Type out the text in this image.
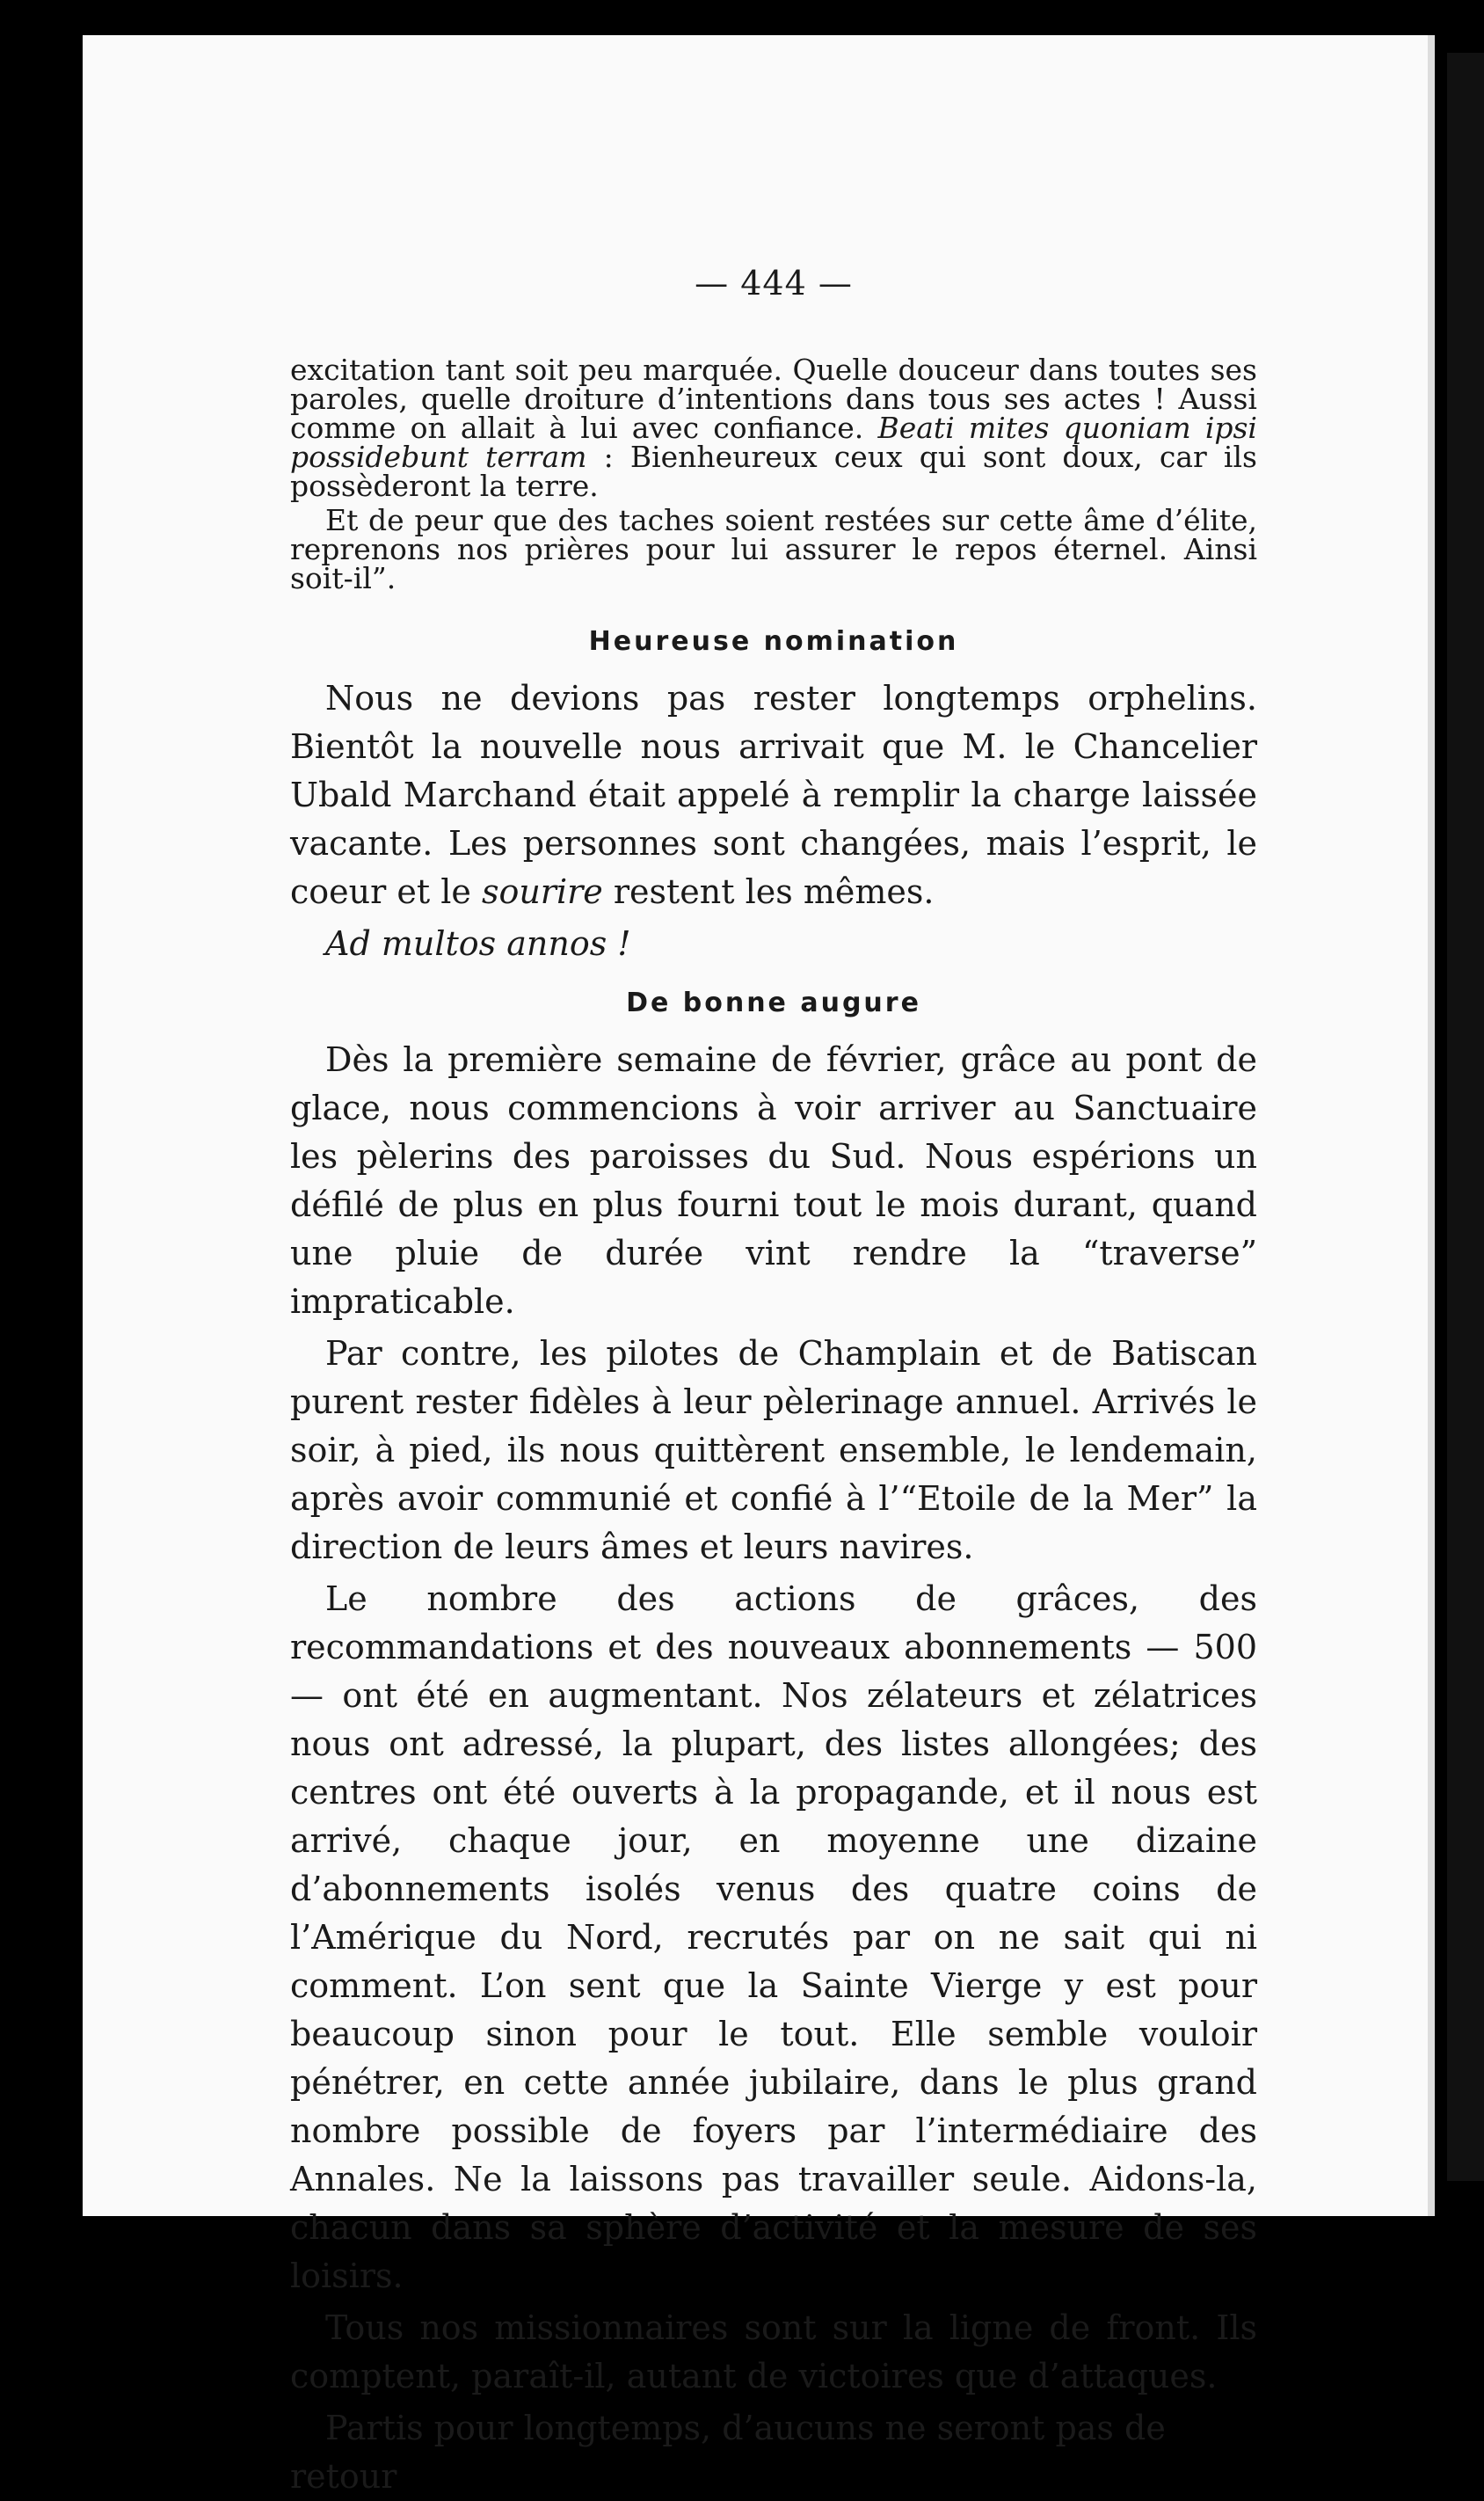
— 444 —

excitation tant soit peu marquée. Quelle douceur dans toutes ses paroles, quelle droiture d’intentions dans tous ses actes ! Aussi comme on allait à lui avec confiance. Beati mites quoniam ipsi possidebunt terram : Bienheureux ceux qui sont doux, car ils possèderont la terre.

Et de peur que des taches soient restées sur cette âme d’élite, reprenons nos prières pour lui assurer le repos éternel. Ainsi soit-il”.

Heureuse nomination

Nous ne devions pas rester longtemps orphelins. Bientôt la nouvelle nous arrivait que M. le Chancelier Ubald Marchand était appelé à remplir la charge laissée vacante. Les personnes sont changées, mais l’esprit, le coeur et le sourire restent les mêmes.

Ad multos annos !
De bonne augure

Dès la première semaine de février, grâce au pont de glace, nous commencions à voir arriver au Sanctuaire les pèlerins des paroisses du Sud. Nous espérions un défilé de plus en plus fourni tout le mois durant, quand une pluie de durée vint rendre la “traverse” impraticable.

Par contre, les pilotes de Champlain et de Batiscan purent rester fidèles à leur pèlerinage annuel. Arrivés le soir, à pied, ils nous quittèrent ensemble, le lendemain, après avoir communié et confié à l’“Etoile de la Mer” la direction de leurs âmes et leurs navires.

Le nombre des actions de grâces, des recommandations et des nouveaux abonnements — 500 — ont été en augmentant. Nos zélateurs et zélatrices nous ont adressé, la plupart, des listes allongées; des centres ont été ouverts à la propagande, et il nous est arrivé, chaque jour, en moyenne une dizaine d’abonnements isolés venus des quatre coins de l’Amérique du Nord, recrutés par on ne sait qui ni comment. L’on sent que la Sainte Vierge y est pour beaucoup sinon pour le tout. Elle semble vouloir pénétrer, en cette année jubilaire, dans le plus grand nombre possible de foyers par l’intermédiaire des Annales. Ne la laissons pas travailler seule. Aidons-la, chacun dans sa sphère d’activité et la mesure de ses loisirs.

Tous nos missionnaires sont sur la ligne de front. Ils comptent, paraît-il, autant de victoires que d’attaques.

Partis pour longtemps, d’aucuns ne seront pas de retour
